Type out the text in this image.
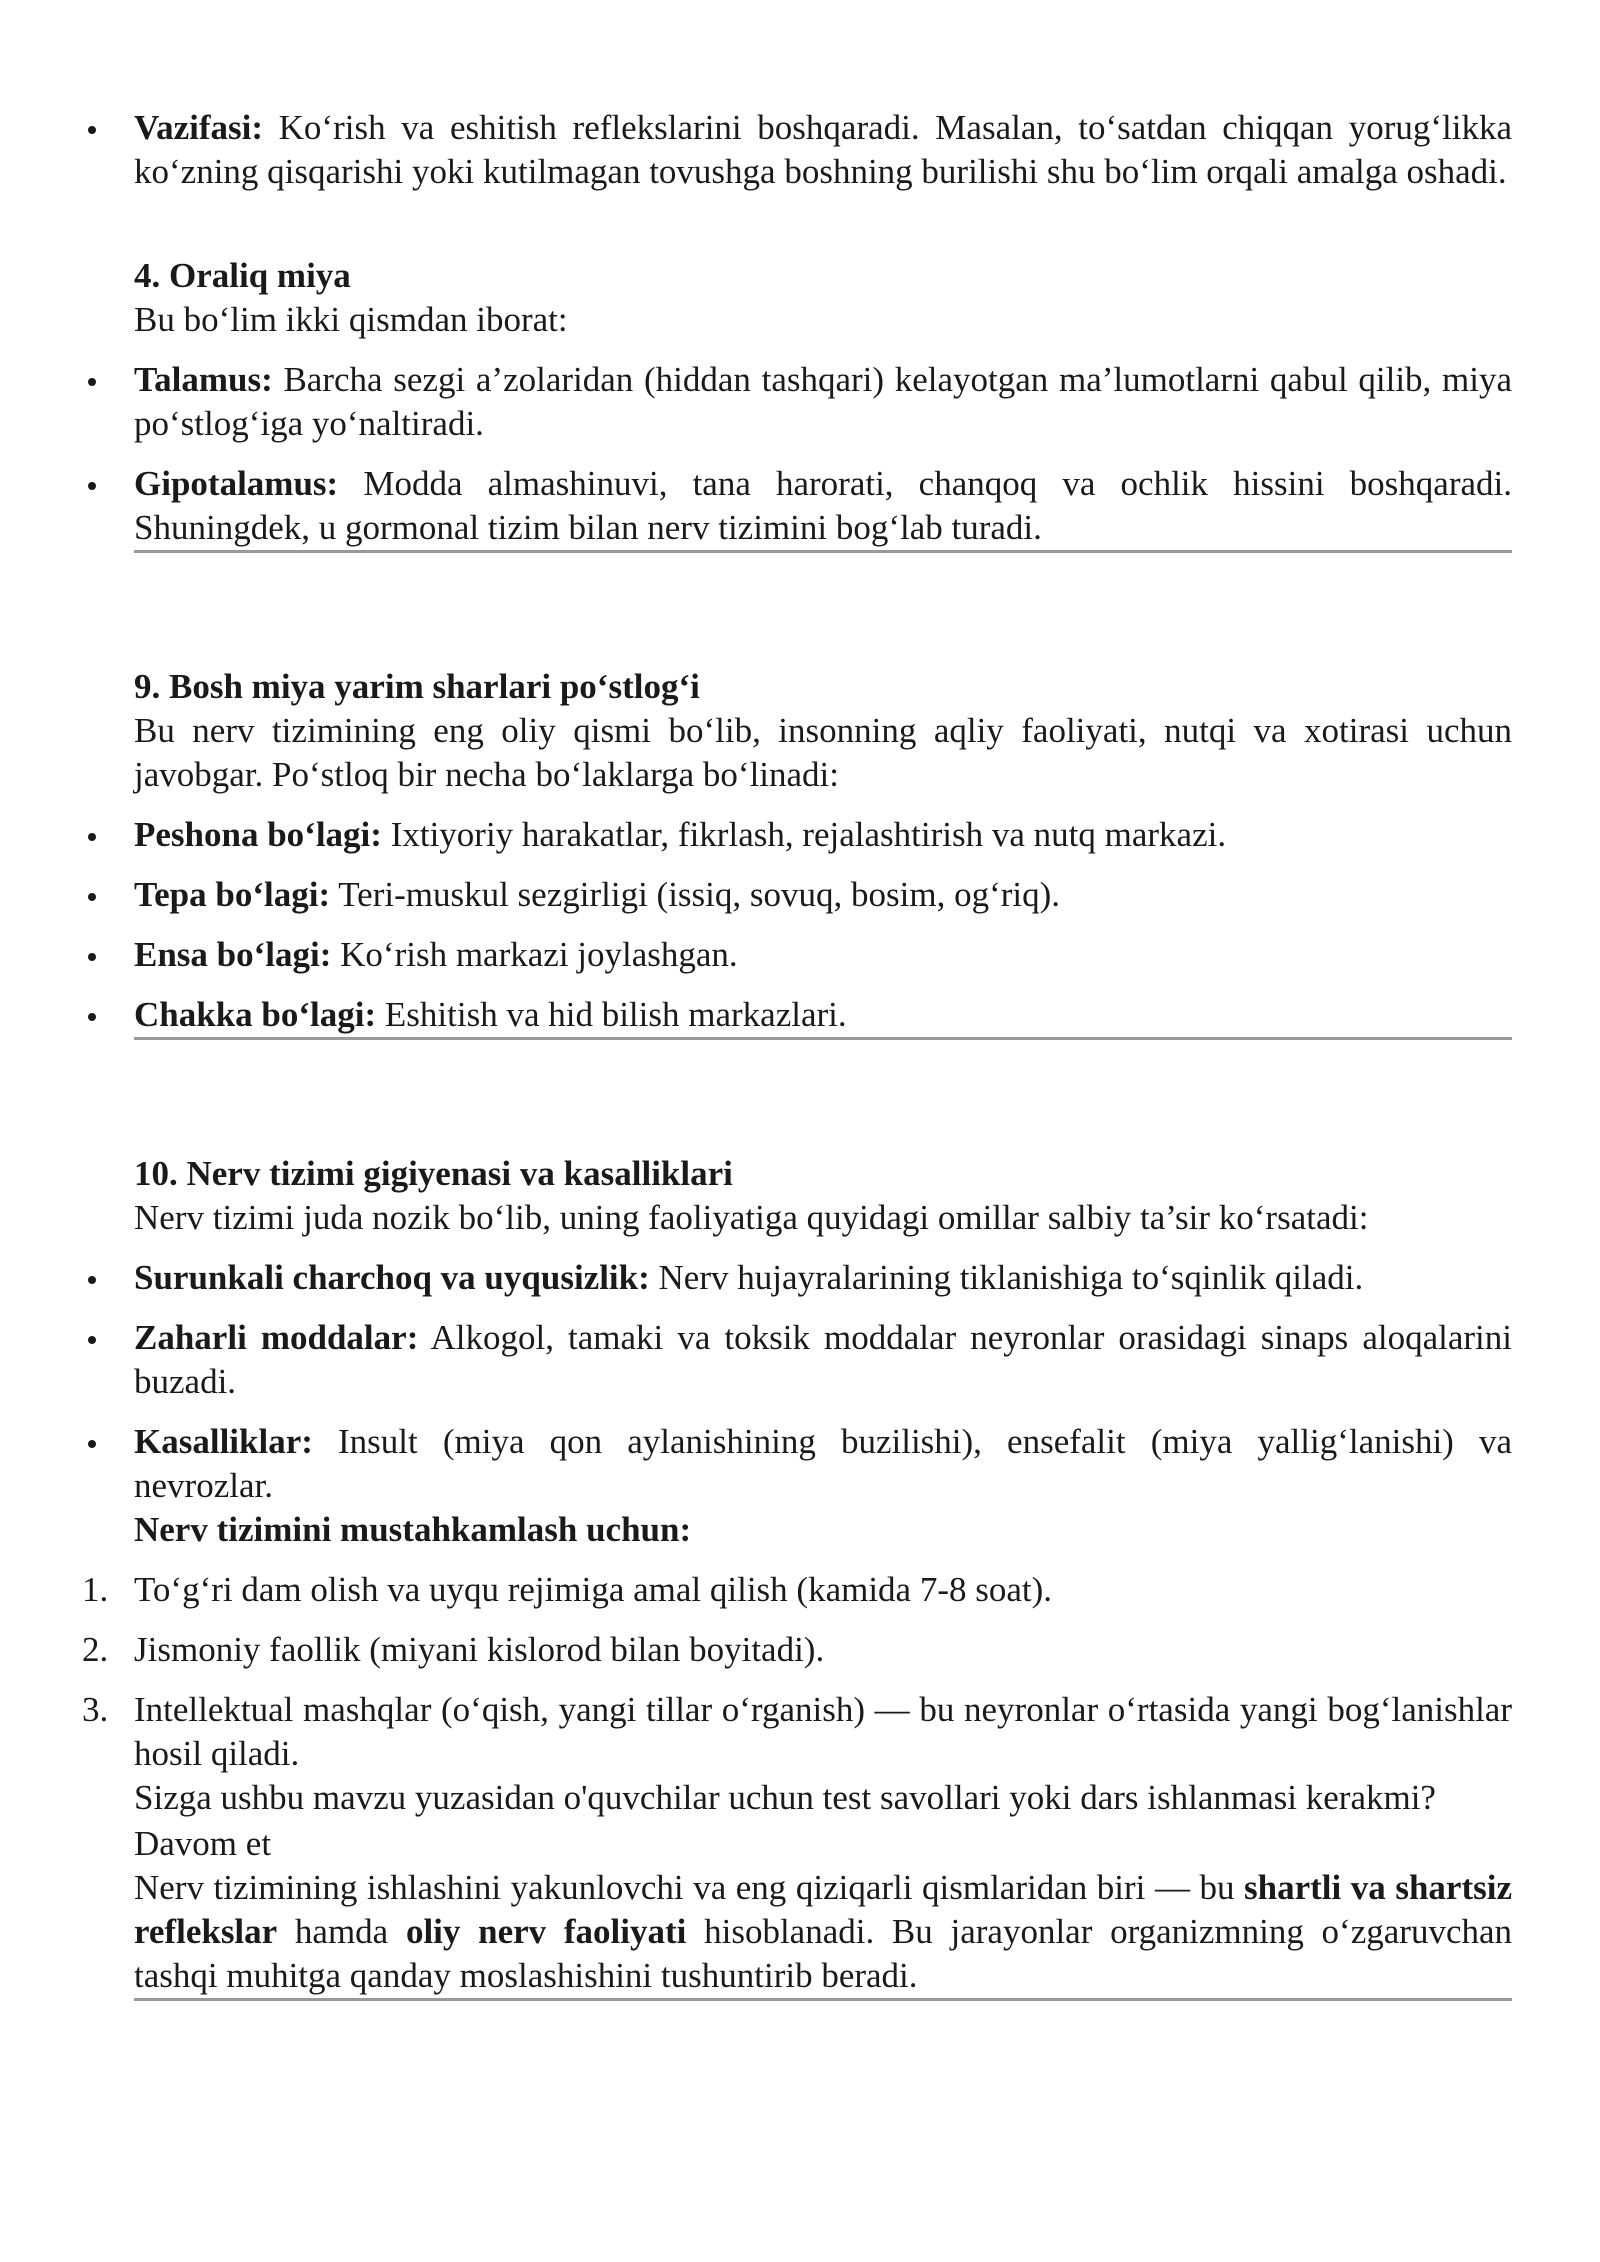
Vazifasi: Ko‘rish va eshitish reflekslarini boshqaradi. Masalan, to‘satdan chiqqan yorug‘likka ko‘zning qisqarishi yoki kutilmagan tovushga boshning burilishi shu bo‘lim orqali amalga oshadi.

4. Oraliq miya

Bu bo‘lim ikki qismdan iborat:

Talamus: Barcha sezgi a’zolaridan (hiddan tashqari) kelayotgan ma’lumotlarni qabul qilib, miya po‘stlog‘iga yo‘naltiradi.
Gipotalamus: Modda almashinuvi, tana harorati, chanqoq va ochlik hissini boshqaradi. Shuningdek, u gormonal tizim bilan nerv tizimini bog‘lab turadi.

9. Bosh miya yarim sharlari po‘stlog‘i

Bu nerv tizimining eng oliy qismi bo‘lib, insonning aqliy faoliyati, nutqi va xotirasi uchun javobgar. Po‘stloq bir necha bo‘laklarga bo‘linadi:

Peshona bo‘lagi: Ixtiyoriy harakatlar, fikrlash, rejalashtirish va nutq markazi.
Tepa bo‘lagi: Teri-muskul sezgirligi (issiq, sovuq, bosim, og‘riq).
Ensa bo‘lagi: Ko‘rish markazi joylashgan.
Chakka bo‘lagi: Eshitish va hid bilish markazlari.

10. Nerv tizimi gigiyenasi va kasalliklari

Nerv tizimi juda nozik bo‘lib, uning faoliyatiga quyidagi omillar salbiy ta’sir ko‘rsatadi:

Surunkali charchoq va uyqusizlik: Nerv hujayralarining tiklanishiga to‘sqinlik qiladi.
Zaharli moddalar: Alkogol, tamaki va toksik moddalar neyronlar orasidagi sinaps aloqalarini buzadi.
Kasalliklar: Insult (miya qon aylanishining buzilishi), ensefalit (miya yallig‘lanishi) va nevrozlar.
Nerv tizimini mustahkamlash uchun:
1. To‘g‘ri dam olish va uyqu rejimiga amal qilish (kamida 7-8 soat).
2. Jismoniy faollik (miyani kislorod bilan boyitadi).
3. Intellektual mashqlar (o‘qish, yangi tillar o‘rganish) — bu neyronlar o‘rtasida yangi bog‘lanishlar hosil qiladi.
Sizga ushbu mavzu yuzasidan o'quvchilar uchun test savollari yoki dars ishlanmasi kerakmi?

Davom et

Nerv tizimining ishlashini yakunlovchi va eng qiziqarli qismlaridan biri — bu shartli va shartsiz reflekslar hamda oliy nerv faoliyati hisoblanadi. Bu jarayonlar organizmning o‘zgaruvchan tashqi muhitga qanday moslashishini tushuntirib beradi.
